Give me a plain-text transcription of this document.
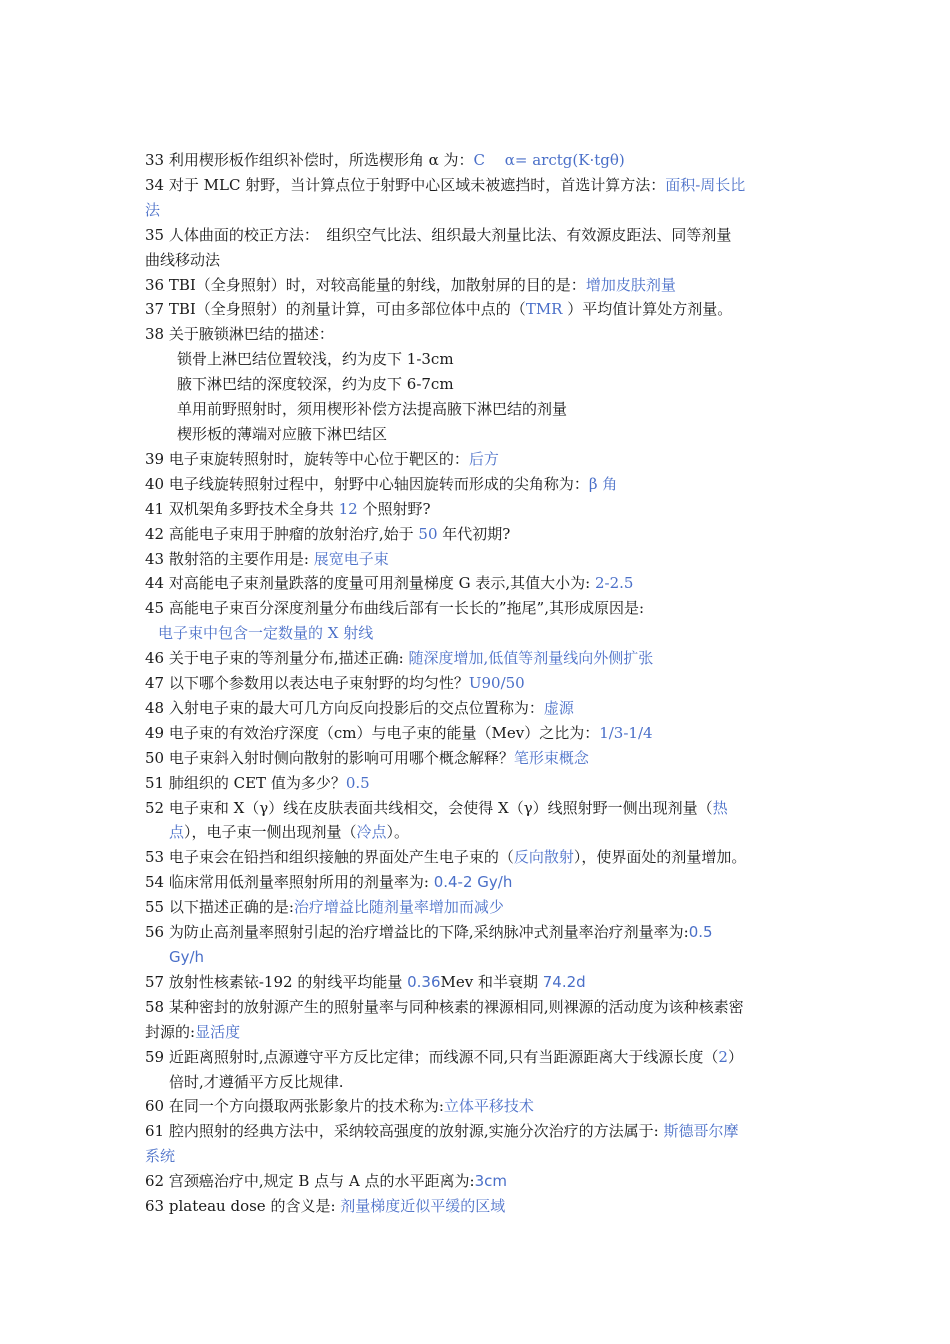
33 利用楔形板作组织补偿时，所选楔形角 α 为：C　 α= arctg(K·tgθ)
34 对于 MLC 射野，当计算点位于射野中心区域未被遮挡时，首选计算方法：面积-周长比
法
35 人体曲面的校正方法：　组织空气比法、组织最大剂量比法、有效源皮距法、同等剂量
曲线移动法
36 TBI（全身照射）时，对较高能量的射线，加散射屏的目的是：增加皮肤剂量
37 TBI（全身照射）的剂量计算，可由多部位体中点的（TMR ）平均值计算处方剂量。
38 关于腋锁淋巴结的描述：
锁骨上淋巴结位置较浅，约为皮下 1-3cm
腋下淋巴结的深度较深，约为皮下 6-7cm
单用前野照射时，须用楔形补偿方法提高腋下淋巴结的剂量
楔形板的薄端对应腋下淋巴结区
39 电子束旋转照射时，旋转等中心位于靶区的：后方
40 电子线旋转照射过程中，射野中心轴因旋转而形成的尖角称为：β 角
41 双机架角多野技术全身共 12 个照射野?
42 高能电子束用于肿瘤的放射治疗,始于 50 年代初期?
43 散射箔的主要作用是: 展宽电子束
44 对高能电子束剂量跌落的度量可用剂量梯度 G 表示,其值大小为: 2-2.5
45 高能电子束百分深度剂量分布曲线后部有一长长的”拖尾”,其形成原因是:
电子束中包含一定数量的 X 射线
46 关于电子束的等剂量分布,描述正确: 随深度增加,低值等剂量线向外侧扩张
47 以下哪个参数用以表达电子束射野的均匀性？U90/50
48 入射电子束的最大可几方向反向投影后的交点位置称为：虚源
49 电子束的有效治疗深度（cm）与电子束的能量（Mev）之比为：1/3-1/4
50 电子束斜入射时侧向散射的影响可用哪个概念解释？笔形束概念
51 肺组织的 CET 值为多少？0.5
52 电子束和 X（γ）线在皮肤表面共线相交，会使得 X（γ）线照射野一侧出现剂量（热
点），电子束一侧出现剂量（冷点）。
53 电子束会在铅挡和组织接触的界面处产生电子束的（反向散射），使界面处的剂量增加。
54 临床常用低剂量率照射所用的剂量率为: 0.4-2 Gy/h
55 以下描述正确的是:治疗增益比随剂量率增加而减少
56 为防止高剂量率照射引起的治疗增益比的下降,采纳脉冲式剂量率治疗剂量率为:0.5
Gy/h
57 放射性核素铱-192 的射线平均能量 0.36Mev 和半衰期 74.2d
58 某种密封的放射源产生的照射量率与同种核素的裸源相同,则裸源的活动度为该种核素密
封源的:显活度
59 近距离照射时,点源遵守平方反比定律；而线源不同,只有当距源距离大于线源长度（2）
倍时,才遵循平方反比规律.
60 在同一个方向摄取两张影象片的技术称为:立体平移技术
61 腔内照射的经典方法中，采纳较高强度的放射源,实施分次治疗的方法属于: 斯德哥尔摩
系统
62 宫颈癌治疗中,规定 B 点与 A 点的水平距离为:3cm
63 plateau dose 的含义是: 剂量梯度近似平缓的区域
